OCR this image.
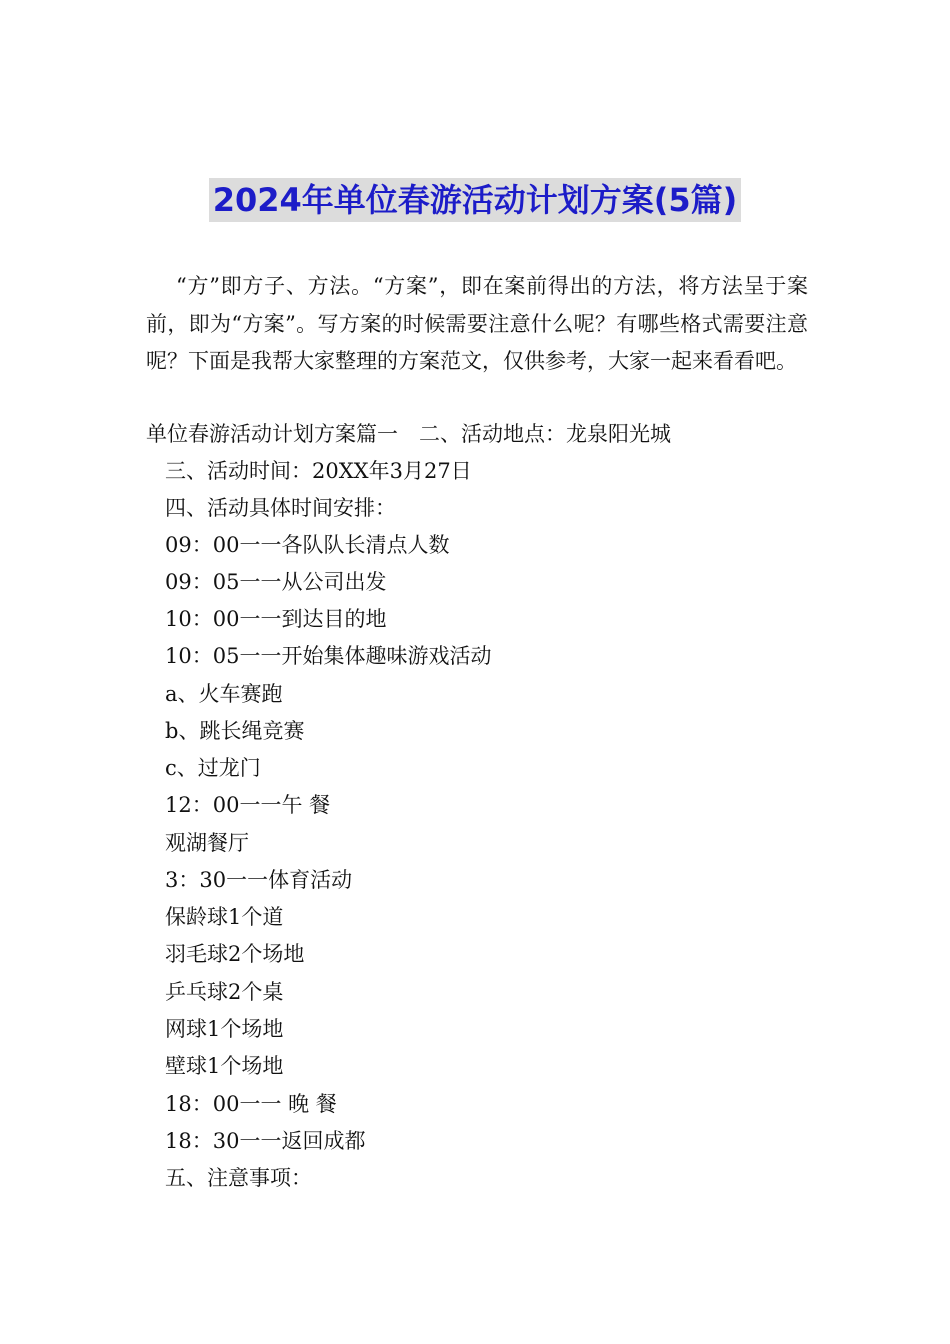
2024年单位春游活动计划方案(5篇)

“方”即方子、方法。“方案”，即在案前得出的方法，将方法呈于案前，即为“方案”。写方案的时候需要注意什么呢？有哪些格式需要注意呢？下面是我帮大家整理的方案范文，仅供参考，大家一起来看看吧。

单位春游活动计划方案篇一　二、活动地点：龙泉阳光城

三、活动时间：20XX年3月27日

四、活动具体时间安排：

09：00一一各队队长清点人数

09：05一一从公司出发

10：00一一到达目的地

10：05一一开始集体趣味游戏活动

a、火车赛跑

b、跳长绳竞赛

c、过龙门

12：00一一午 餐

观湖餐厅

3：30一一体育活动

保龄球1个道

羽毛球2个场地

乒乓球2个桌

网球1个场地

壁球1个场地

18：00一一 晚 餐

18：30一一返回成都

五、注意事项：
